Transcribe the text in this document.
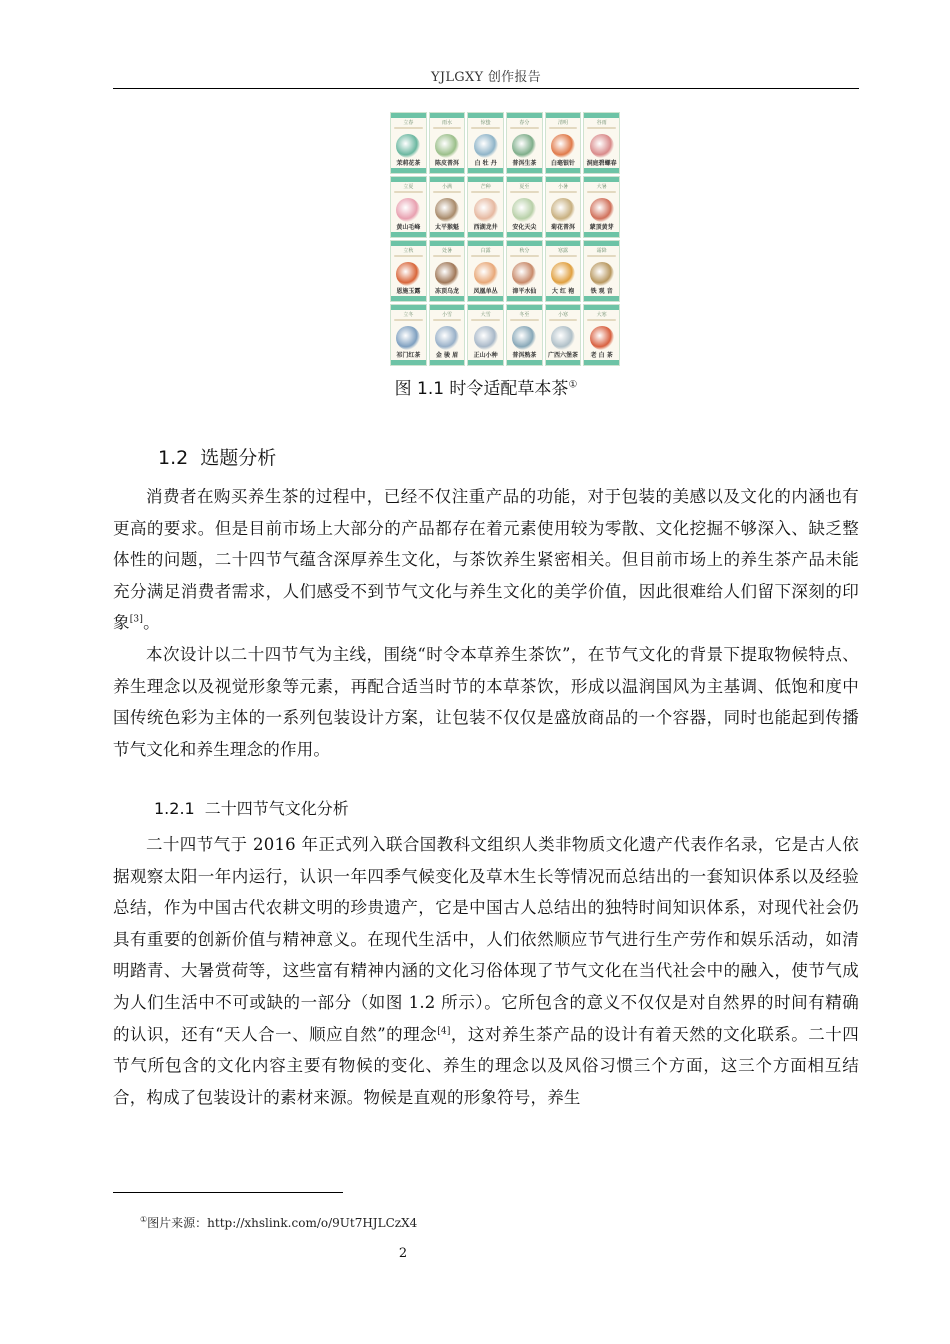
YJLGXY 创作报告
立春
茉莉花茶
雨水
陈皮普洱
惊蛰
白 牡 丹
春分
普洱生茶
清明
白毫银针
谷雨
洞庭碧螺春
立夏
黄山毛峰
小满
太平猴魁
芒种
西湖龙井
夏至
安化天尖
小暑
菊花普洱
大暑
蒙顶黄芽
立秋
恩施玉露
处暑
冻顶乌龙
白露
凤凰单丛
秋分
漳平水仙
寒露
大 红 袍
霜降
铁 观 音
立冬
祁门红茶
小雪
金 骏 眉
大雪
正山小种
冬至
普洱熟茶
小寒
广西六堡茶
大寒
老 白 茶
图 1.1 时令适配草本茶①
1.2 选题分析
消费者在购买养生茶的过程中，已经不仅注重产品的功能，对于包装的美感以及文化的内涵也有更高的要求。但是目前市场上大部分的产品都存在着元素使用较为零散、文化挖掘不够深入、缺乏整体性的问题，二十四节气蕴含深厚养生文化，与茶饮养生紧密相关。但目前市场上的养生茶产品未能充分满足消费者需求，人们感受不到节气文化与养生文化的美学价值，因此很难给人们留下深刻的印象[3]。
本次设计以二十四节气为主线，围绕“时令本草养生茶饮”，在节气文化的背景下提取物候特点、养生理念以及视觉形象等元素，再配合适当时节的本草茶饮，形成以温润国风为主基调、低饱和度中国传统色彩为主体的一系列包装设计方案，让包装不仅仅是盛放商品的一个容器，同时也能起到传播节气文化和养生理念的作用。
1.2.1 二十四节气文化分析
二十四节气于 2016 年正式列入联合国教科文组织人类非物质文化遗产代表作名录，它是古人依据观察太阳一年内运行，认识一年四季气候变化及草木生长等情况而总结出的一套知识体系以及经验总结，作为中国古代农耕文明的珍贵遗产，它是中国古人总结出的独特时间知识体系，对现代社会仍具有重要的创新价值与精神意义。在现代生活中，人们依然顺应节气进行生产劳作和娱乐活动，如清明踏青、大暑赏荷等，这些富有精神内涵的文化习俗体现了节气文化在当代社会中的融入，使节气成为人们生活中不可或缺的一部分（如图 1.2 所示）。它所包含的意义不仅仅是对自然界的时间有精确的认识，还有“天人合一、顺应自然”的理念[4]，这对养生茶产品的设计有着天然的文化联系。二十四节气所包含的文化内容主要有物候的变化、养生的理念以及风俗习惯三个方面，这三个方面相互结合，构成了包装设计的素材来源。物候是直观的形象符号，养生
①图片来源：http://xhslink.com/o/9Ut7HJLCzX4
2
